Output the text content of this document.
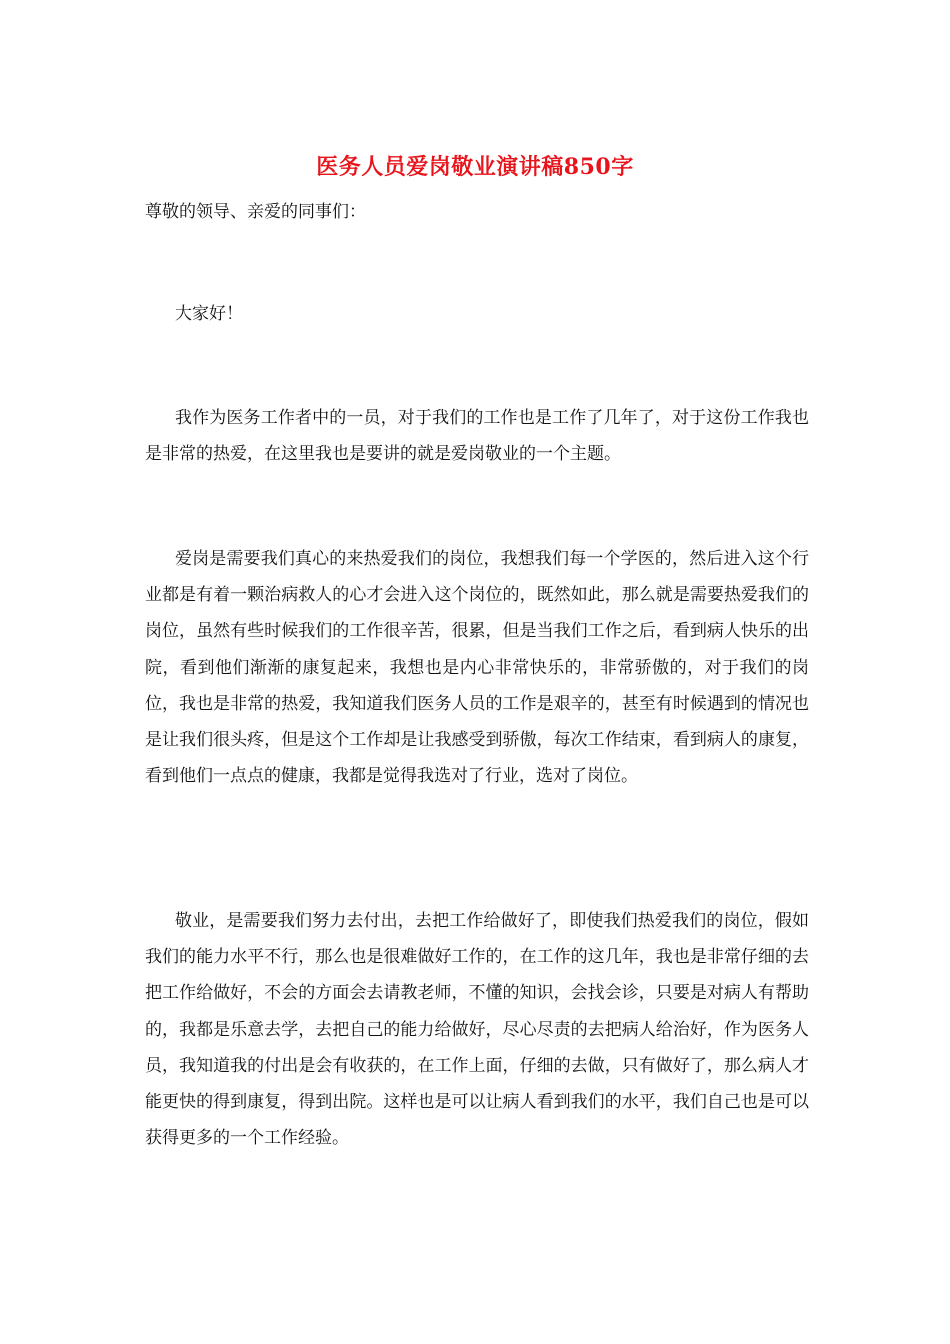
医务人员爱岗敬业演讲稿850字
尊敬的领导、亲爱的同事们：

大家好！

我作为医务工作者中的一员，对于我们的工作也是工作了几年了，对于这份工作我也是非常的热爱，在这里我也是要讲的就是爱岗敬业的一个主题。

爱岗是需要我们真心的来热爱我们的岗位，我想我们每一个学医的，然后进入这个行业都是有着一颗治病救人的心才会进入这个岗位的，既然如此，那么就是需要热爱我们的岗位，虽然有些时候我们的工作很辛苦，很累，但是当我们工作之后，看到病人快乐的出院，看到他们渐渐的康复起来，我想也是内心非常快乐的，非常骄傲的，对于我们的岗位，我也是非常的热爱，我知道我们医务人员的工作是艰辛的，甚至有时候遇到的情况也是让我们很头疼，但是这个工作却是让我感受到骄傲，每次工作结束，看到病人的康复，看到他们一点点的健康，我都是觉得我选对了行业，选对了岗位。

敬业，是需要我们努力去付出，去把工作给做好了，即使我们热爱我们的岗位，假如我们的能力水平不行，那么也是很难做好工作的，在工作的这几年，我也是非常仔细的去把工作给做好，不会的方面会去请教老师，不懂的知识，会找会诊，只要是对病人有帮助的，我都是乐意去学，去把自己的能力给做好，尽心尽责的去把病人给治好，作为医务人员，我知道我的付出是会有收获的，在工作上面，仔细的去做，只有做好了，那么病人才能更快的得到康复，得到出院。这样也是可以让病人看到我们的水平，我们自己也是可以获得更多的一个工作经验。
